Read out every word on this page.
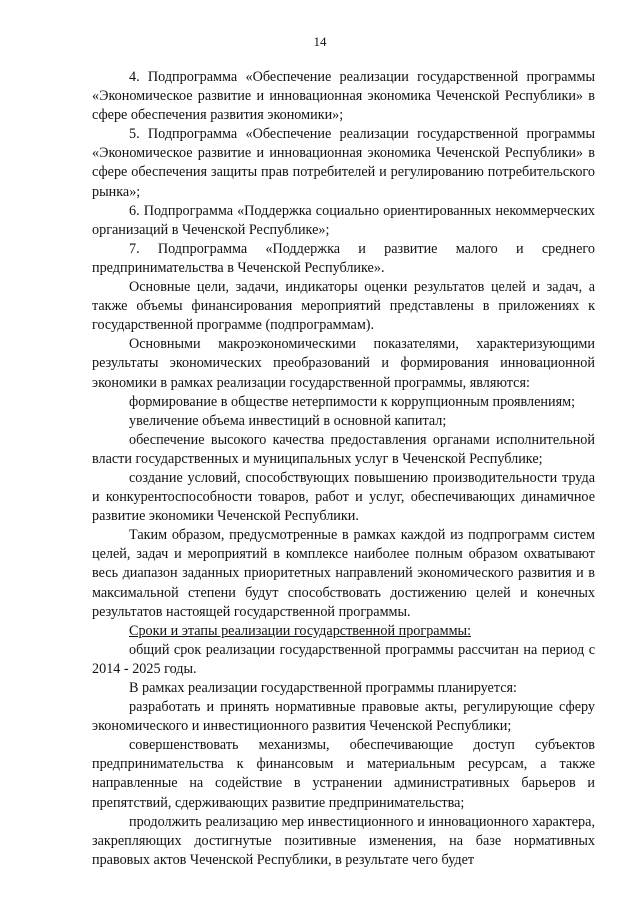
14

4. Подпрограмма «Обеспечение реализации государственной программы «Экономическое развитие и инновационная экономика Чеченской Республики» в сфере обеспечения развития экономики»;

5. Подпрограмма «Обеспечение реализации государственной программы «Экономическое развитие и инновационная экономика Чеченской Республики» в сфере обеспечения защиты прав потребителей и регулированию потребительского рынка»;

6. Подпрограмма «Поддержка социально ориентированных некоммерческих организаций в Чеченской Республике»;

7. Подпрограмма «Поддержка и развитие малого и среднего предпринимательства в Чеченской Республике».

Основные цели, задачи, индикаторы оценки результатов целей и задач, а также объемы финансирования мероприятий представлены в приложениях к государственной программе (подпрограммам).

Основными макроэкономическими показателями, характеризующими результаты экономических преобразований и формирования инновационной экономики в рамках реализации государственной программы, являются:

формирование в обществе нетерпимости к коррупционным проявлениям;

увеличение объема инвестиций в основной капитал;

обеспечение высокого качества предоставления органами исполнительной власти государственных и муниципальных услуг в Чеченской Республике;

создание условий, способствующих повышению производительности труда и конкурентоспособности товаров, работ и услуг, обеспечивающих динамичное развитие экономики Чеченской Республики.

Таким образом, предусмотренные в рамках каждой из подпрограмм систем целей, задач и мероприятий в комплексе наиболее полным образом охватывают весь диапазон заданных приоритетных направлений экономического развития и в максимальной степени будут способствовать достижению целей и конечных результатов настоящей государственной программы.

Сроки и этапы реализации государственной программы:

общий срок реализации государственной программы рассчитан на период с 2014 - 2025 годы.

В рамках реализации государственной программы планируется:

разработать и принять нормативные правовые акты, регулирующие сферу экономического и инвестиционного развития Чеченской Республики;

совершенствовать механизмы, обеспечивающие доступ субъектов предпринимательства к финансовым и материальным ресурсам, а также направленные на содействие в устранении административных барьеров и препятствий, сдерживающих развитие предпринимательства;

продолжить реализацию мер инвестиционного и инновационного характера, закрепляющих достигнутые позитивные изменения, на базе нормативных правовых актов Чеченской Республики, в результате чего будет
